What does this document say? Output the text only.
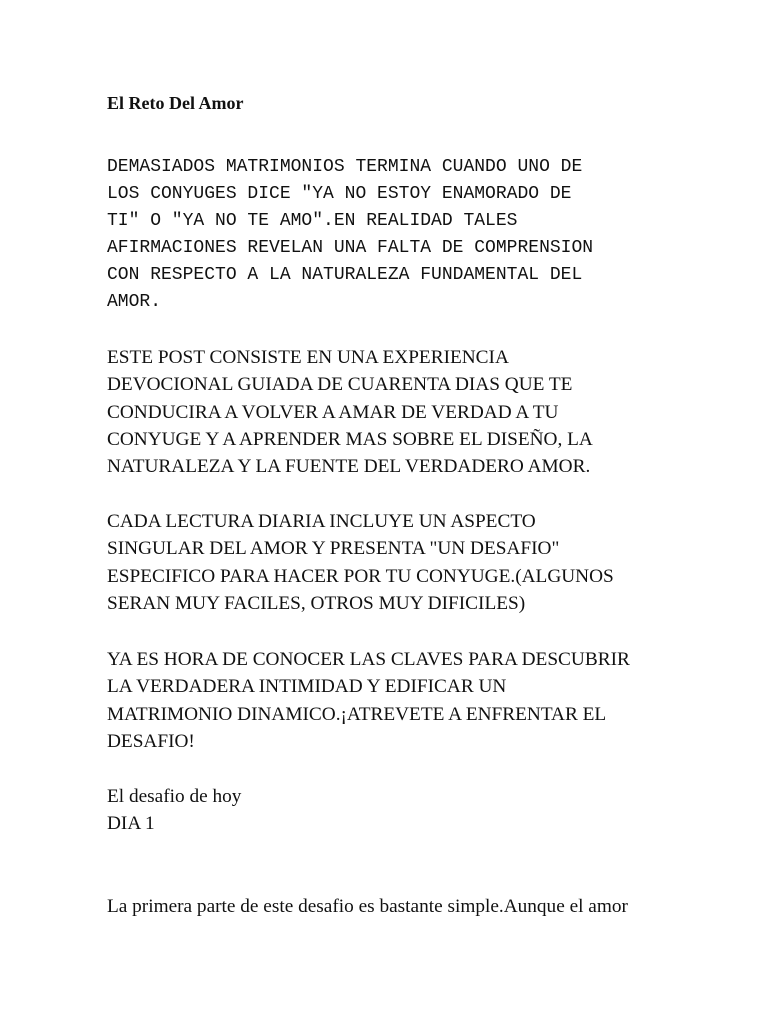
El Reto Del Amor
DEMASIADOS MATRIMONIOS TERMINA CUANDO UNO DE
LOS CONYUGES DICE "YA NO ESTOY ENAMORADO DE
TI" O "YA NO TE AMO".EN REALIDAD TALES
AFIRMACIONES REVELAN UNA FALTA DE COMPRENSION
CON RESPECTO A LA NATURALEZA FUNDAMENTAL DEL
AMOR.
ESTE POST CONSISTE EN UNA EXPERIENCIA
DEVOCIONAL GUIADA DE CUARENTA DIAS QUE TE
CONDUCIRA A VOLVER A AMAR DE VERDAD A TU
CONYUGE Y A APRENDER MAS SOBRE EL DISEÑO, LA
NATURALEZA Y LA FUENTE DEL VERDADERO AMOR.
CADA LECTURA DIARIA INCLUYE UN ASPECTO
SINGULAR DEL AMOR Y PRESENTA "UN DESAFIO"
ESPECIFICO PARA HACER POR TU CONYUGE.(ALGUNOS
SERAN MUY FACILES, OTROS MUY DIFICILES)
YA ES HORA DE CONOCER LAS CLAVES PARA DESCUBRIR
LA VERDADERA INTIMIDAD Y EDIFICAR UN
MATRIMONIO DINAMICO.¡ATREVETE A ENFRENTAR EL
DESAFIO!
El desafio de hoy
DIA 1
La primera parte de este desafio es bastante simple.Aunque el amor
